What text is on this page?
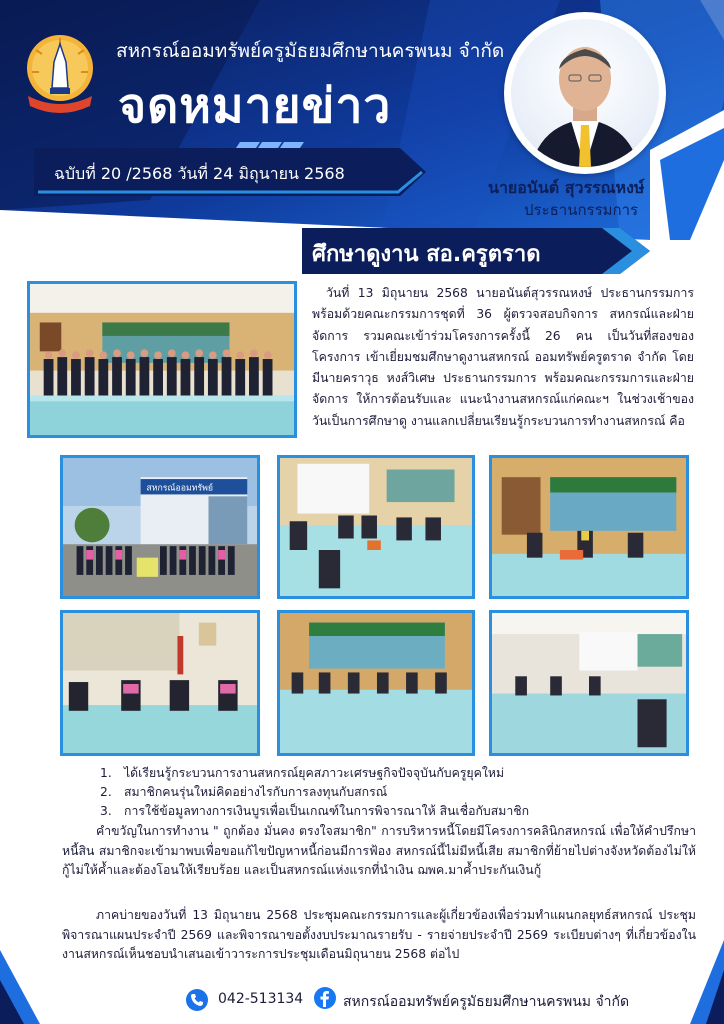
สหกรณ์ออมทรัพย์ครูมัธยมศึกษานครพนม จำกัด
จดหมายข่าว
ฉบับที่ 20 /2568 วันที่ 24 มิถุนายน 2568
นายอนันต์ สุวรรณหงษ์
ประธานกรรมการ
ศึกษาดูงาน สอ.ครูตราด

วันที่ 13 มิถุนายน 2568 นายอนันต์สุวรรณหงษ์ ประธานกรรมการพร้อมด้วยคณะกรรมการชุดที่ 36 ผู้ตรวจสอบกิจการ สหกรณ์และฝ่ายจัดการ รวมคณะเข้าร่วมโครงการครั้งนี้ 26 คน เป็นวันที่สองของโครงการ เข้าเยี่ยมชมศึกษาดูงานสหกรณ์ ออมทรัพย์ครูตราด จำกัด โดยมีนายคราวุธ หงส์วิเศษ ประธานกรรมการ พร้อมคณะกรรมการและฝ่ายจัดการ ให้การต้อนรับและ แนะนำงานสหกรณ์แก่คณะฯ ในช่วงเช้าของวันเป็นการศึกษาดู งานแลกเปลี่ยนเรียนรู้กระบวนการทำงานสหกรณ์ คือ

สหกรณ์ออมทรัพย์
1. ได้เรียนรู้กระบวนการงานสหกรณ์ยุคสภาวะเศรษฐกิจปัจจุบันกับครูยุคใหม่
2. สมาชิกคนรุ่นใหม่คิดอย่างไรกับการลงทุนกับสกรณ์
3. การใช้ข้อมูลทางการเงินบูรเพื่อเป็นเกณฑ์ในการพิจารณาให้ สินเชื่อกับสมาชิก

คำขวัญในการทำงาน " ถูกต้อง มั่นคง ตรงใจสมาชิก" การบริหารหนี้โดยมีโครงการคลินิกสหกรณ์ เพื่อให้คำปรึกษาหนี้สิน สมาชิกจะเข้ามาพบเพื่อขอแก้ไขปัญหาหนี้ก่อนมีการฟ้อง สหกรณ์นี้ไม่มีหนี้เสีย สมาชิกที่ย้ายไปต่างจังหวัดต้องไม่ให้กู้ไม่ให้ค้ำและต้องโอนให้เรียบร้อย และเป็นสหกรณ์แห่งแรกที่นำเงิน ฌพค.มาค้ำประกันเงินกู้

ภาคบ่ายของวันที่ 13 มิถุนายน 2568 ประชุมคณะกรรมการและผู้เกี่ยวข้องเพื่อร่วมทำแผนกลยุทธ์สหกรณ์ ประชุมพิจารณาแผนประจำปี 2569 และพิจารณาขอตั้งงบประมาณรายรับ - รายจ่ายประจำปี 2569 ระเบียบต่างๆ ที่เกี่ยวข้องในงานสหกรณ์เห็นชอบนำเสนอเข้าวาระการประชุมเดือนมิถุนายน 2568 ต่อไป

042-513134	สหกรณ์ออมทรัพย์ครูมัธยมศึกษานครพนม จำกัด
